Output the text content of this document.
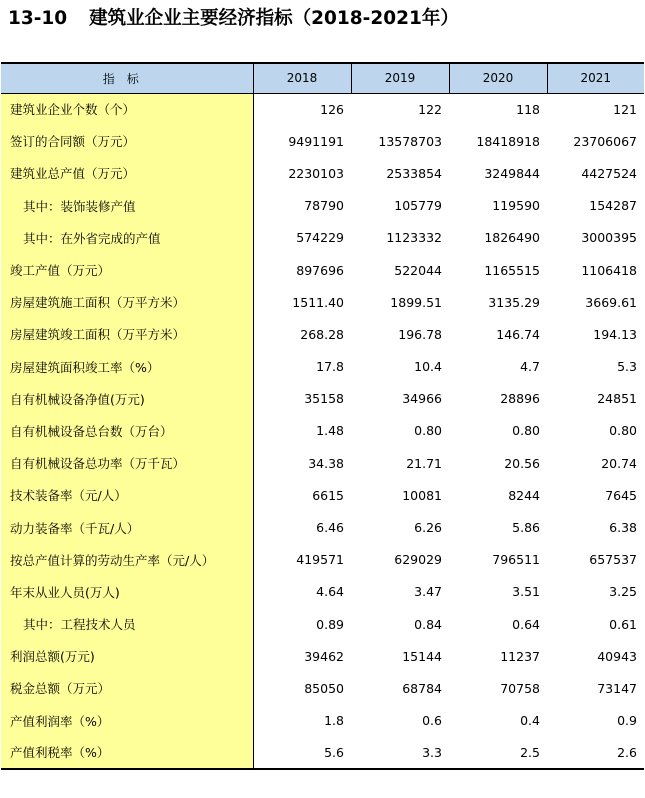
13-10 建筑业企业主要经济指标（2018-2021年）
指标	2018	2019	2020	2021
建筑业企业个数（个）	126	122	118	121
签订的合同额（万元）	9491191	13578703	18418918	23706067
建筑业总产值（万元）	2230103	2533854	3249844	4427524
其中：装饰装修产值	78790	105779	119590	154287
其中：在外省完成的产值	574229	1123332	1826490	3000395
竣工产值（万元）	897696	522044	1165515	1106418
房屋建筑施工面积（万平方米）	1511.40	1899.51	3135.29	3669.61
房屋建筑竣工面积（万平方米）	268.28	196.78	146.74	194.13
房屋建筑面积竣工率（%）	17.8	10.4	4.7	5.3
自有机械设备净值(万元)	35158	34966	28896	24851
自有机械设备总台数（万台）	1.48	0.80	0.80	0.80
自有机械设备总功率（万千瓦）	34.38	21.71	20.56	20.74
技术装备率（元/人）	6615	10081	8244	7645
动力装备率（千瓦/人）	6.46	6.26	5.86	6.38
按总产值计算的劳动生产率（元/人）	419571	629029	796511	657537
年末从业人员(万人)	4.64	3.47	3.51	3.25
其中：工程技术人员	0.89	0.84	0.64	0.61
利润总额(万元)	39462	15144	11237	40943
税金总额（万元）	85050	68784	70758	73147
产值利润率（%）	1.8	0.6	0.4	0.9
产值利税率（%）	5.6	3.3	2.5	2.6
